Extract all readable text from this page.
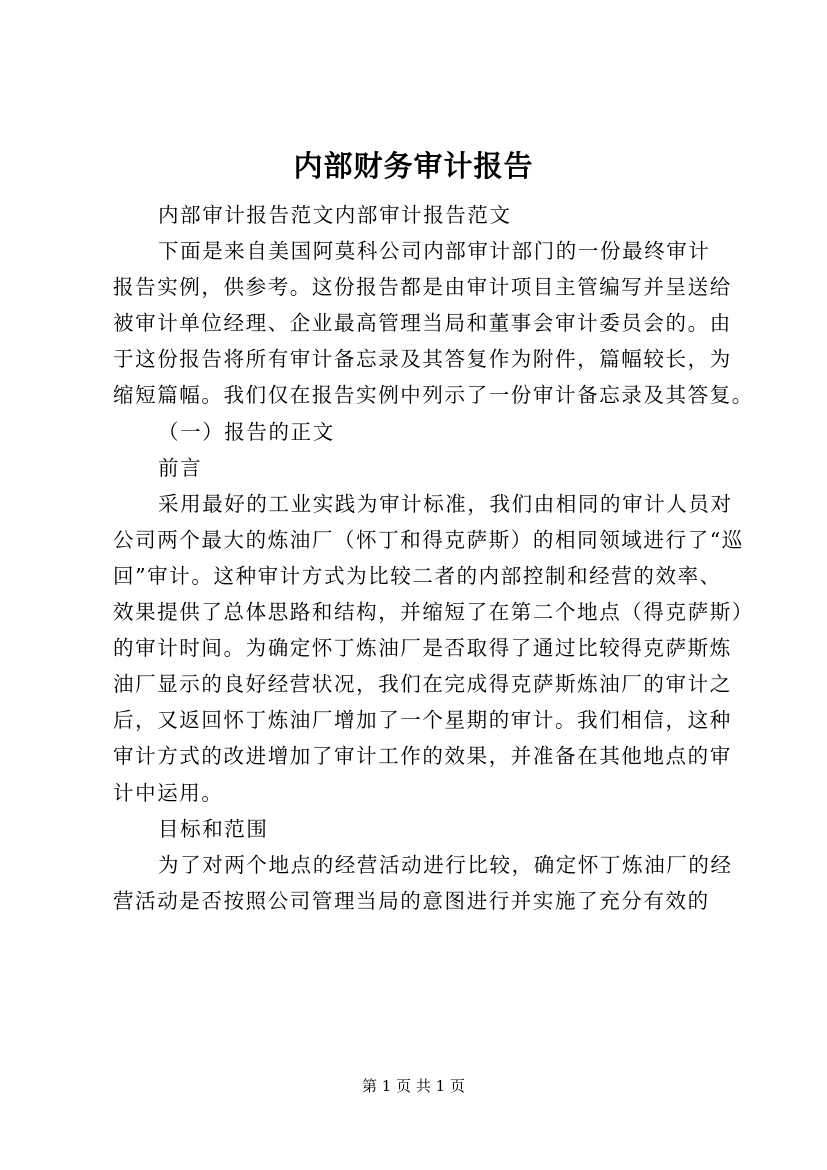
内部财务审计报告
内部审计报告范文内部审计报告范文
下面是来自美国阿莫科公司内部审计部门的一份最终审计
报告实例，供参考。这份报告都是由审计项目主管编写并呈送给
被审计单位经理、企业最高管理当局和董事会审计委员会的。由
于这份报告将所有审计备忘录及其答复作为附件，篇幅较长，为
缩短篇幅。我们仅在报告实例中列示了一份审计备忘录及其答复。
（一）报告的正文
前言
采用最好的工业实践为审计标准，我们由相同的审计人员对
公司两个最大的炼油厂（怀丁和得克萨斯）的相同领域进行了“巡
回”审计。这种审计方式为比较二者的内部控制和经营的效率、
效果提供了总体思路和结构，并缩短了在第二个地点（得克萨斯）
的审计时间。为确定怀丁炼油厂是否取得了通过比较得克萨斯炼
油厂显示的良好经营状况，我们在完成得克萨斯炼油厂的审计之
后，又返回怀丁炼油厂增加了一个星期的审计。我们相信，这种
审计方式的改进增加了审计工作的效果，并准备在其他地点的审
计中运用。
目标和范围
为了对两个地点的经营活动进行比较，确定怀丁炼油厂的经
营活动是否按照公司管理当局的意图进行并实施了充分有效的
第 1 页 共 1 页
